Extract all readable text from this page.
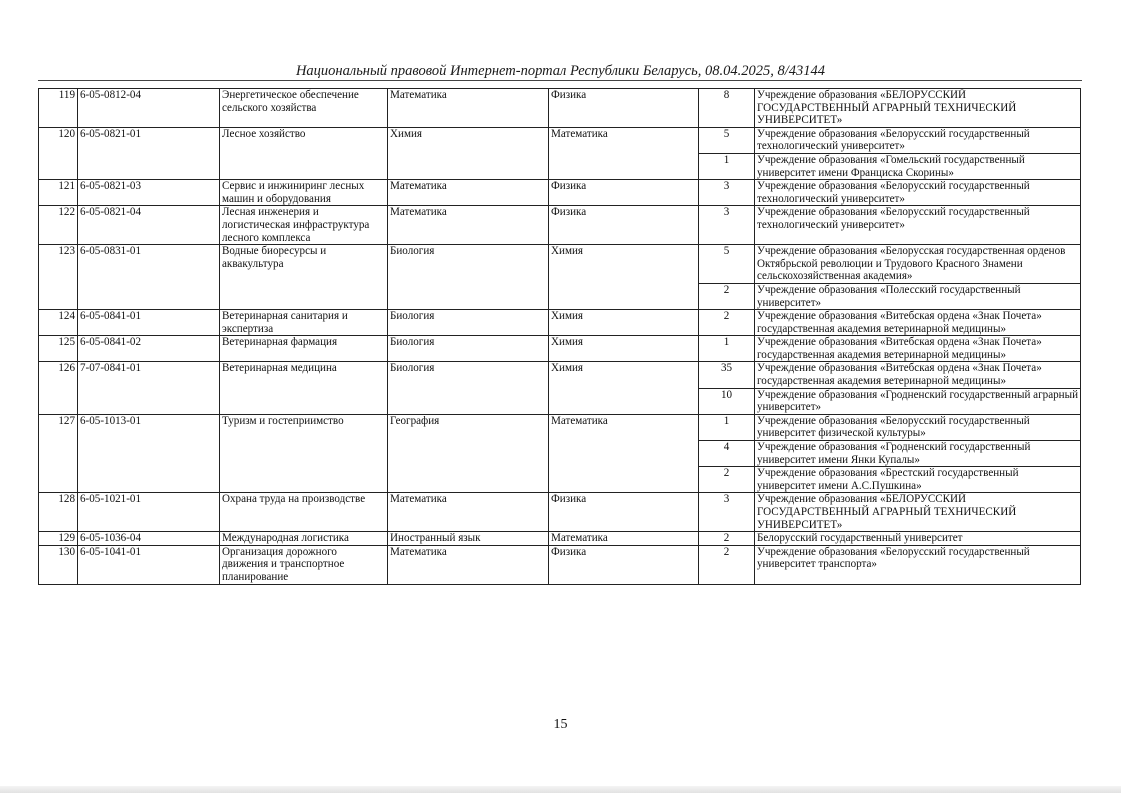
Национальный правовой Интернет-портал Республики Беларусь, 08.04.2025, 8/43144
119	6-05-0812-04	Энергетическое обеспечение сельского хозяйства	Математика	Физика	8	Учреждение образования «БЕЛОРУССКИЙ ГОСУДАРСТВЕННЫЙ АГРАРНЫЙ ТЕХНИЧЕСКИЙ УНИВЕРСИТЕТ»
120	6-05-0821-01	Лесное хозяйство	Химия	Математика	5	Учреждение образования «Белорусский государственный технологический университет»
					1	Учреждение образования «Гомельский государственный университет имени Франциска Скорины»
121	6-05-0821-03	Сервис и инжиниринг лесных машин и оборудования	Математика	Физика	3	Учреждение образования «Белорусский государственный технологический университет»
122	6-05-0821-04	Лесная инженерия и логистическая инфраструктура лесного комплекса	Математика	Физика	3	Учреждение образования «Белорусский государственный технологический университет»
123	6-05-0831-01	Водные биоресурсы и аквакультура	Биология	Химия	5	Учреждение образования «Белорусская государственная орденов Октябрьской революции и Трудового Красного Знамени сельскохозяйственная академия»
					2	Учреждение образования «Полесский государственный университет»
124	6-05-0841-01	Ветеринарная санитария и экспертиза	Биология	Химия	2	Учреждение образования «Витебская ордена «Знак Почета» государственная академия ветеринарной медицины»
125	6-05-0841-02	Ветеринарная фармация	Биология	Химия	1	Учреждение образования «Витебская ордена «Знак Почета» государственная академия ветеринарной медицины»
126	7-07-0841-01	Ветеринарная медицина	Биология	Химия	35	Учреждение образования «Витебская ордена «Знак Почета» государственная академия ветеринарной медицины»
					10	Учреждение образования «Гродненский государственный аграрный университет»
127	6-05-1013-01	Туризм и гостеприимство	География	Математика	1	Учреждение образования «Белорусский государственный университет физической культуры»
					4	Учреждение образования «Гродненский государственный университет имени Янки Купалы»
					2	Учреждение образования «Брестский государственный университет имени А.С.Пушкина»
128	6-05-1021-01	Охрана труда на производстве	Математика	Физика	3	Учреждение образования «БЕЛОРУССКИЙ ГОСУДАРСТВЕННЫЙ АГРАРНЫЙ ТЕХНИЧЕСКИЙ УНИВЕРСИТЕТ»
129	6-05-1036-04	Международная логистика	Иностранный язык	Математика	2	Белорусский государственный университет
130	6-05-1041-01	Организация дорожного движения и транспортное планирование	Математика	Физика	2	Учреждение образования «Белорусский государственный университет транспорта»
15
